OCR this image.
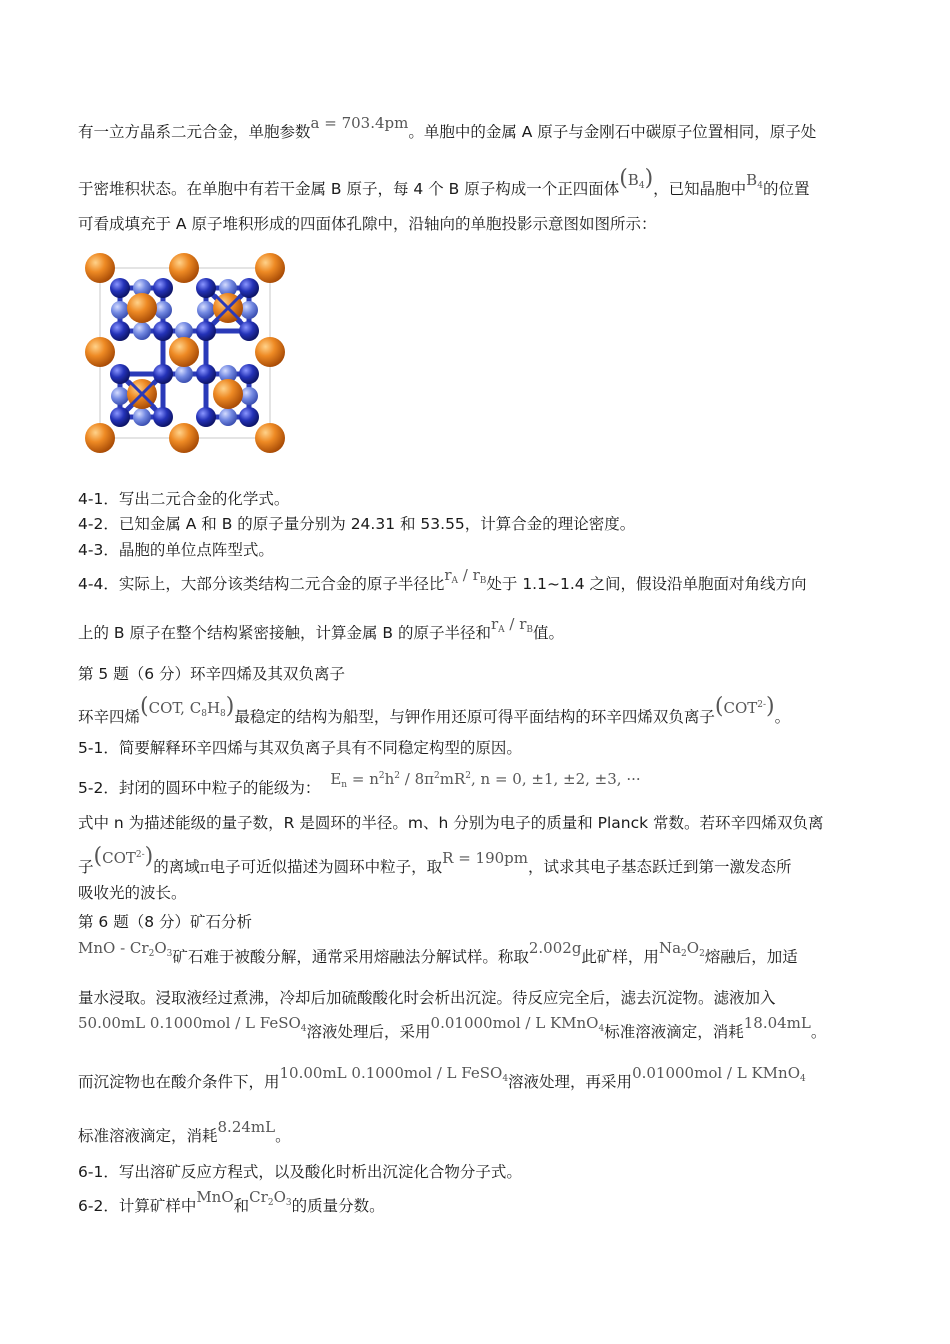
有一立方晶系二元合金，单胞参数a = 703.4pm。单胞中的金属 A 原子与金刚石中碳原子位置相同，原子处
于密堆积状态。在单胞中有若干金属 B 原子，每 4 个 B 原子构成一个正四面体$(B_4)$，已知晶胞中$B_4$的位置
可看成填充于 A 原子堆积形成的四面体孔隙中，沿轴向的单胞投影示意图如图所示：
4-1．写出二元合金的化学式。
4-2．已知金属 A 和 B 的原子量分别为 24.31 和 53.55，计算合金的理论密度。
4-3．晶胞的单位点阵型式。
4-4．实际上，大部分该类结构二元合金的原子半径比$r_A / r_B$处于 1.1~1.4 之间，假设沿单胞面对角线方向
上的 B 原子在整个结构紧密接触，计算金属 B 的原子半径和$r_A / r_B$值。
第 5 题（6 分）环辛四烯及其双负离子
环辛四烯(COT, $C_8H_8$)最稳定的结构为船型，与钾作用还原可得平面结构的环辛四烯双负离子$(COT^{2-})$。
5-1．简要解释环辛四烯与其双负离子具有不同稳定构型的原因。
5-2．封闭的圆环中粒子的能级为： $E_n = n^2h^2 / 8\pi^2mR^2$, n = 0, ±1, ±2, ±3, ···
式中 n 为描述能级的量子数，R 是圆环的半径。m、h 分别为电子的质量和 Planck 常数。若环辛四烯双负离
子$(COT^{2-})$的离域π电子可近似描述为圆环中粒子，取R = 190pm，试求其电子基态跃迁到第一激发态所
吸收光的波长。
第 6 题（8 分）矿石分析
MnO - $Cr_2O_3$矿石难于被酸分解，通常采用熔融法分解试样。称取2.002g此矿样，用$Na_2O_2$熔融后，加适
量水浸取。浸取液经过煮沸，冷却后加硫酸酸化时会析出沉淀。待反应完全后，滤去沉淀物。滤液加入
50.00mL 0.1000mol / L FeSO$_4$溶液处理后，采用0.01000mol / L KMnO$_4$标准溶液滴定，消耗18.04mL。
而沉淀物也在酸介条件下，用10.00mL 0.1000mol / L FeSO$_4$溶液处理，再采用0.01000mol / L KMnO$_4$
标准溶液滴定，消耗8.24mL。
6-1．写出溶矿反应方程式，以及酸化时析出沉淀化合物分子式。
6-2．计算矿样中MnO和$Cr_2O_3$的质量分数。
